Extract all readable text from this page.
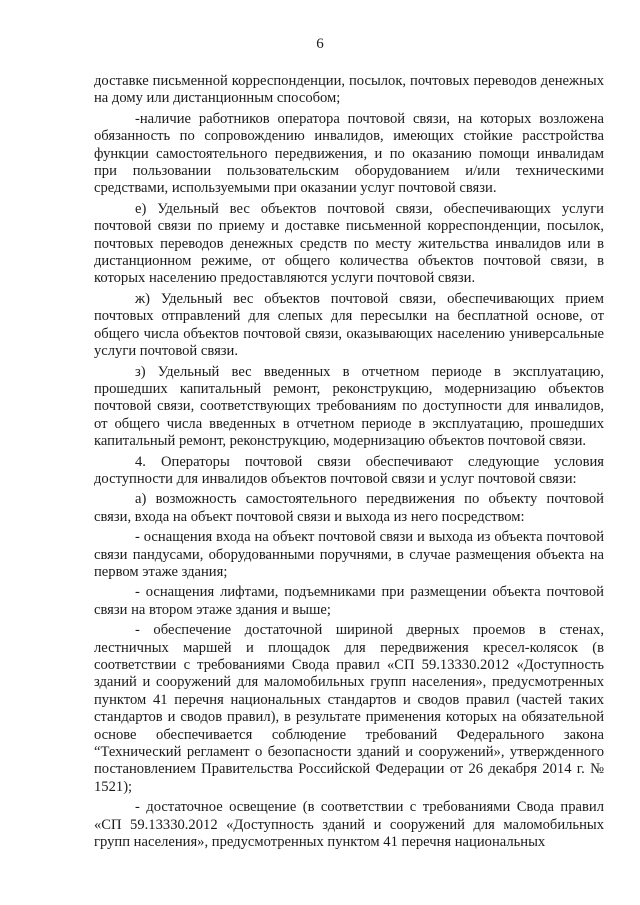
6

доставке письменной корреспонденции, посылок, почтовых переводов денежных на дому или дистанционным способом;

-наличие работников оператора почтовой связи, на которых возложена обязанность по сопровождению инвалидов, имеющих стойкие расстройства функции самостоятельного передвижения, и по оказанию помощи инвалидам при пользовании пользовательским оборудованием и/или техническими средствами, используемыми при оказании услуг почтовой связи.

е) Удельный вес объектов почтовой связи, обеспечивающих услуги почтовой связи по приему и доставке письменной корреспонденции, посылок, почтовых переводов денежных средств по месту жительства инвалидов или в дистанционном режиме, от общего количества объектов почтовой связи, в которых населению предоставляются услуги почтовой связи.

ж) Удельный вес объектов почтовой связи, обеспечивающих прием почтовых отправлений для слепых для пересылки на бесплатной основе, от общего числа объектов почтовой связи, оказывающих населению универсальные услуги почтовой связи.

з) Удельный вес введенных в отчетном периоде в эксплуатацию, прошедших капитальный ремонт, реконструкцию, модернизацию объектов почтовой связи, соответствующих требованиям по доступности для инвалидов, от общего числа введенных в отчетном периоде в эксплуатацию, прошедших капитальный ремонт, реконструкцию, модернизацию объектов почтовой связи.

4. Операторы почтовой связи обеспечивают следующие условия доступности для инвалидов объектов почтовой связи и услуг почтовой связи:

а) возможность самостоятельного передвижения по объекту почтовой связи, входа на объект почтовой связи и выхода из него посредством:

- оснащения входа на объект почтовой связи и выхода из объекта почтовой связи пандусами, оборудованными поручнями, в случае размещения объекта на первом этаже здания;

- оснащения лифтами, подъемниками при размещении объекта почтовой связи на втором этаже здания и выше;

- обеспечение достаточной шириной дверных проемов в стенах, лестничных маршей и площадок для передвижения кресел-колясок (в соответствии с требованиями Свода правил «СП 59.13330.2012 «Доступность зданий и сооружений для маломобильных групп населения», предусмотренных пунктом 41 перечня национальных стандартов и сводов правил (частей таких стандартов и сводов правил), в результате применения которых на обязательной основе обеспечивается соблюдение требований Федерального закона “Технический регламент о безопасности зданий и сооружений», утвержденного постановлением Правительства Российской Федерации от 26 декабря 2014 г. № 1521);

- достаточное освещение (в соответствии с требованиями Свода правил «СП 59.13330.2012 «Доступность зданий и сооружений для маломобильных групп населения», предусмотренных пунктом 41 перечня национальных
